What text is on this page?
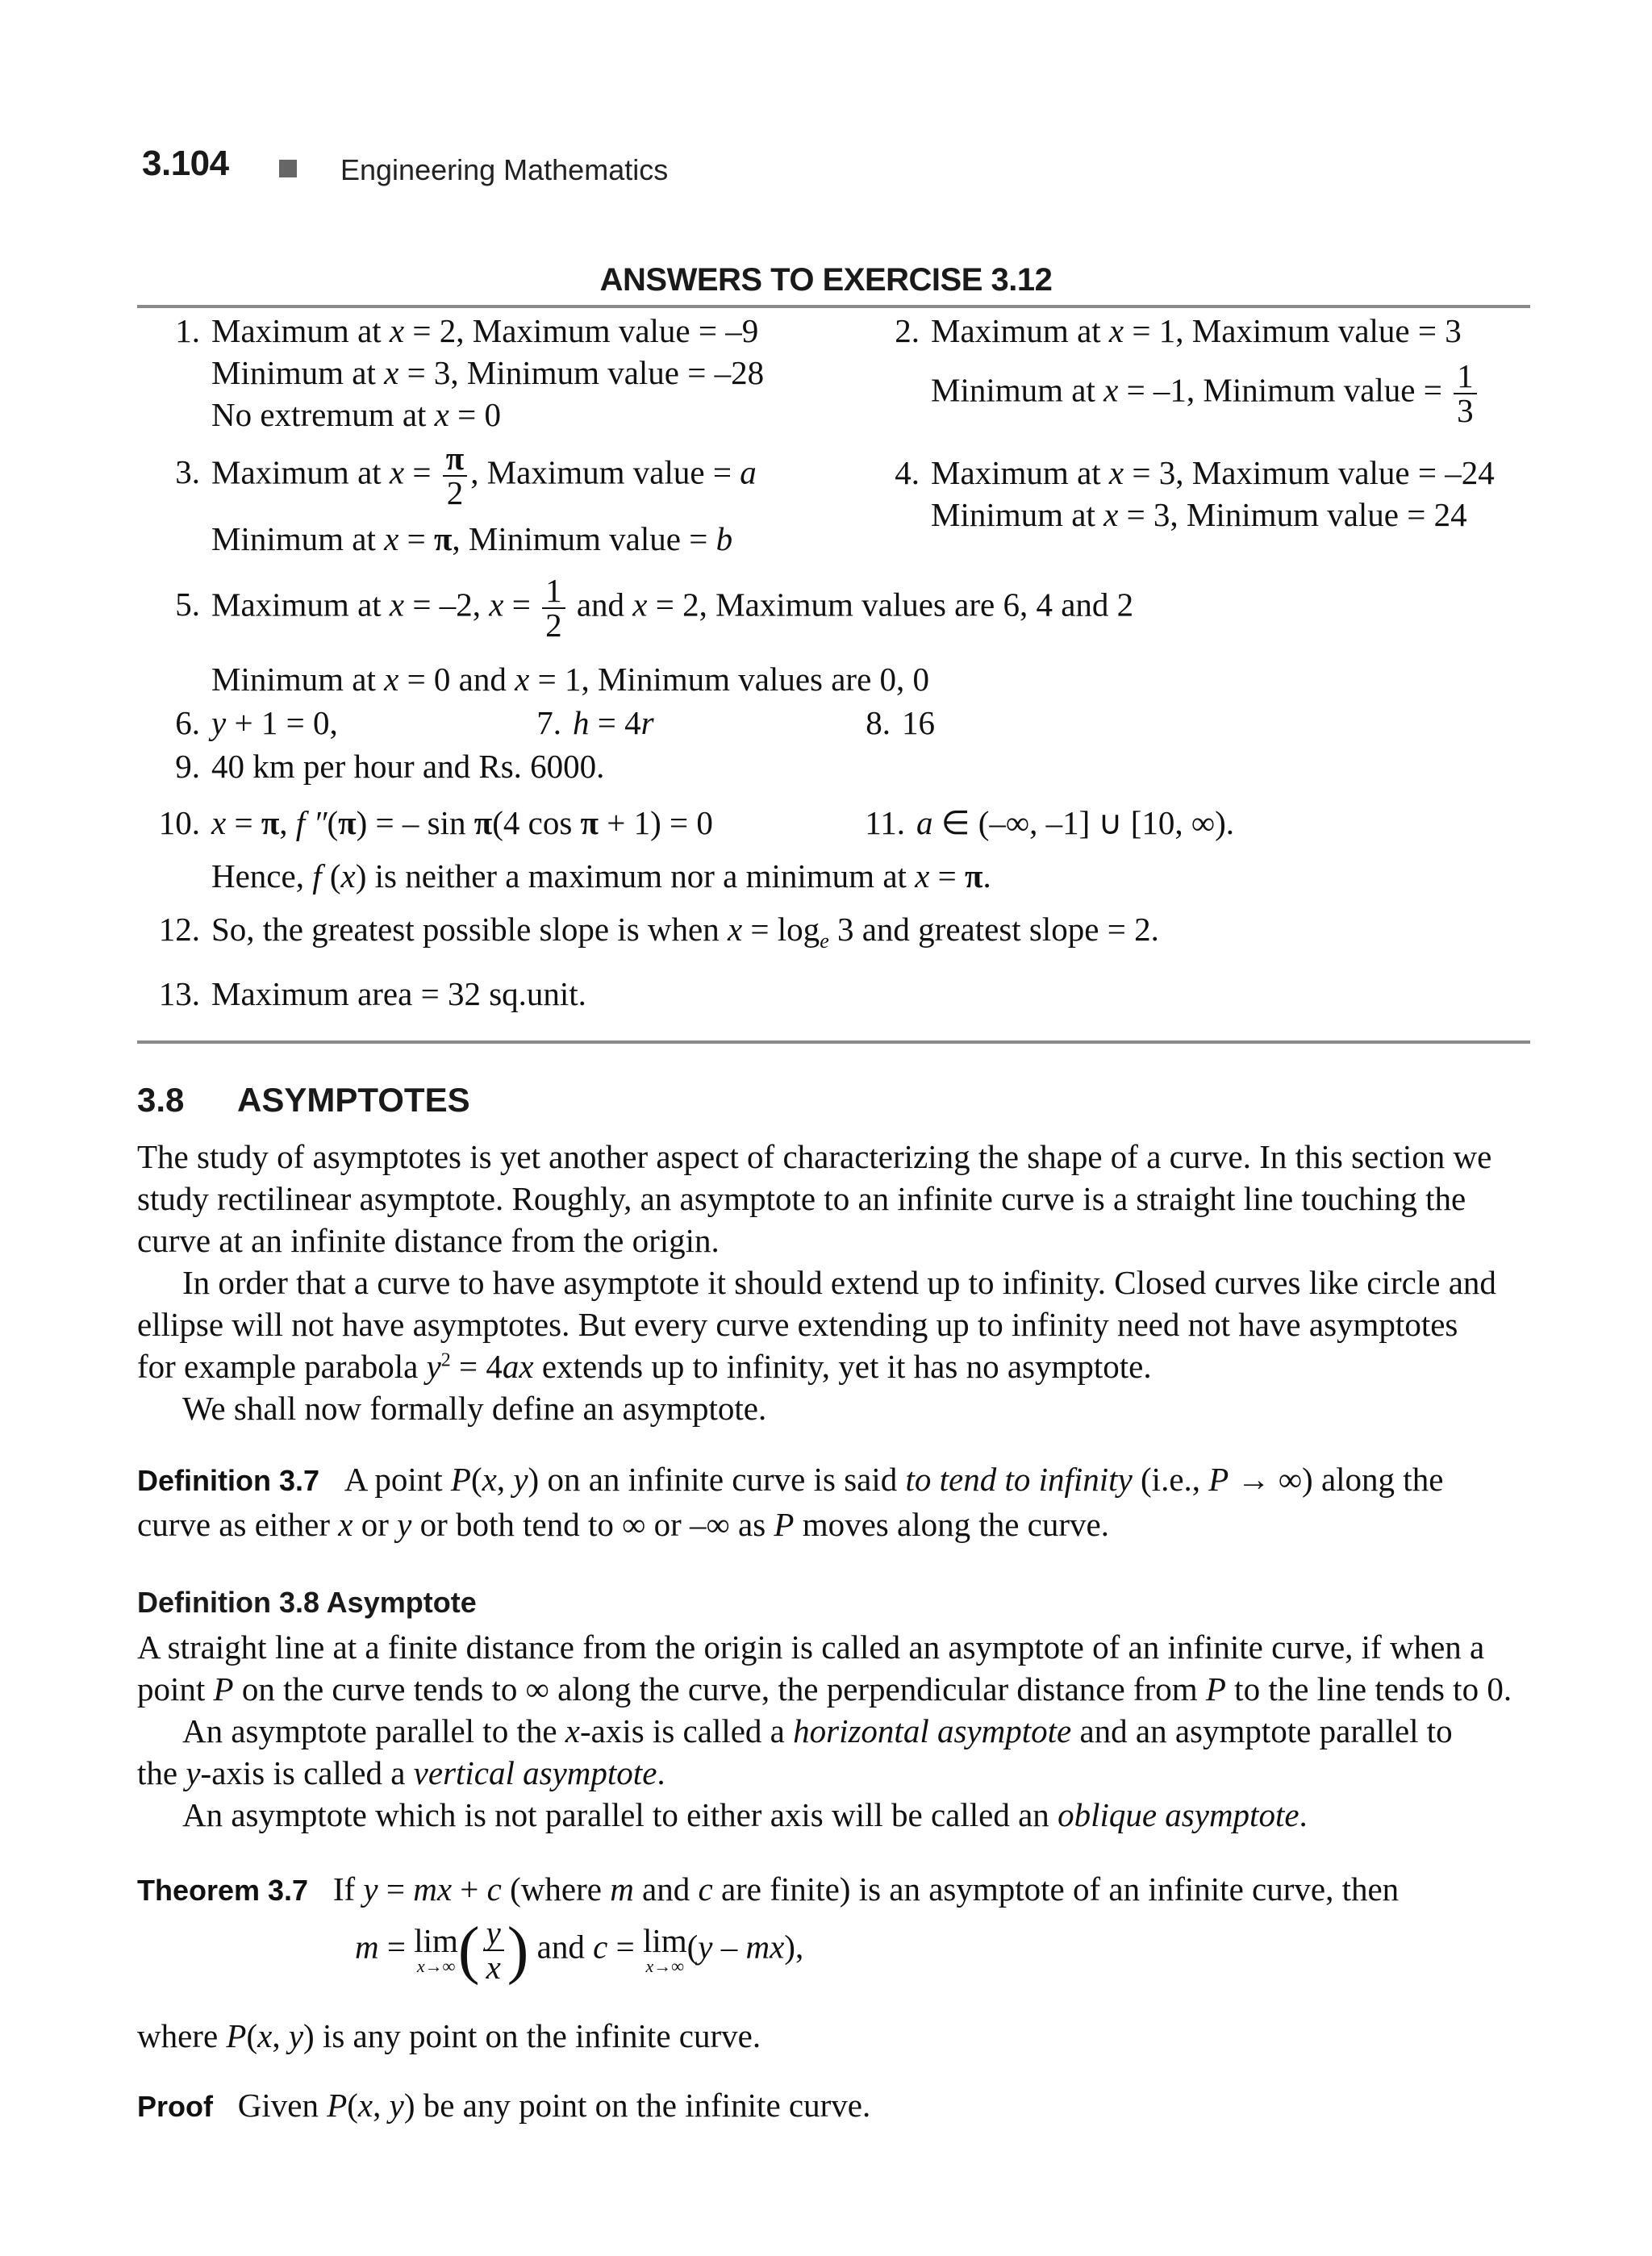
3.104	Engineering Mathematics
ANSWERS TO EXERCISE 3.12
1. Maximum at x = 2, Maximum value = –9
Minimum at x = 3, Minimum value = –28
No extremum at x = 0
2. Maximum at x = 1, Maximum value = 3
Minimum at x = –1, Minimum value = $\frac{1}{3}$
3. Maximum at $x = \frac{\pi}{2}$ , Maximum value = a
Minimum at x = π, Minimum value = b
4. Maximum at x = 3, Maximum value = –24
Minimum at x = 3, Minimum value = 24
5. Maximum at x = –2, $x = \frac{1}{2}$ and x = 2, Maximum values are 6, 4 and 2
Minimum at x = 0 and x = 1, Minimum values are 0, 0
6. y + 1 = 0,	7. h = 4r	8. 16
9. 40 km per hour and Rs. 6000.
10. x = π, f ″(π) = – sin π(4 cos π + 1) = 0
Hence, f (x) is neither a maximum nor a minimum at x = π.
11. a ∈ (–∞, –1] ∪ [10, ∞).
12. So, the greatest possible slope is when $x = \log_e 3$ and greatest slope = 2.
13. Maximum area = 32 sq.unit.
3.8 ASYMPTOTES
The study of asymptotes is yet another aspect of characterizing the shape of a curve. In this section we
study rectilinear asymptote. Roughly, an asymptote to an infinite curve is a straight line touching the
curve at an infinite distance from the origin.
In order that a curve to have asymptote it should extend up to infinity. Closed curves like circle and
ellipse will not have asymptotes. But every curve extending up to infinity need not have asymptotes
for example parabola $y^2 = 4ax$ extends up to infinity, yet it has no asymptote.
We shall now formally define an asymptote.
Definition 3.7 A point P(x, y) on an infinite curve is said to tend to infinity (i.e., P → ∞) along the
curve as either x or y or both tend to ∞ or –∞ as P moves along the curve.
Definition 3.8 Asymptote
A straight line at a finite distance from the origin is called an asymptote of an infinite curve, if when a
point P on the curve tends to ∞ along the curve, the perpendicular distance from P to the line tends to 0.
An asymptote parallel to the x-axis is called a horizontal asymptote and an asymptote parallel to
the y-axis is called a vertical asymptote.
An asymptote which is not parallel to either axis will be called an oblique asymptote.
Theorem 3.7 If y = mx + c (where m and c are finite) is an asymptote of an infinite curve, then
m = lim
x→∞ ( $\frac{y}{x}$ ) and c = lim
x→∞
(y – mx),
where P(x, y) is any point on the infinite curve.
Proof Given P(x, y) be any point on the infinite curve.
